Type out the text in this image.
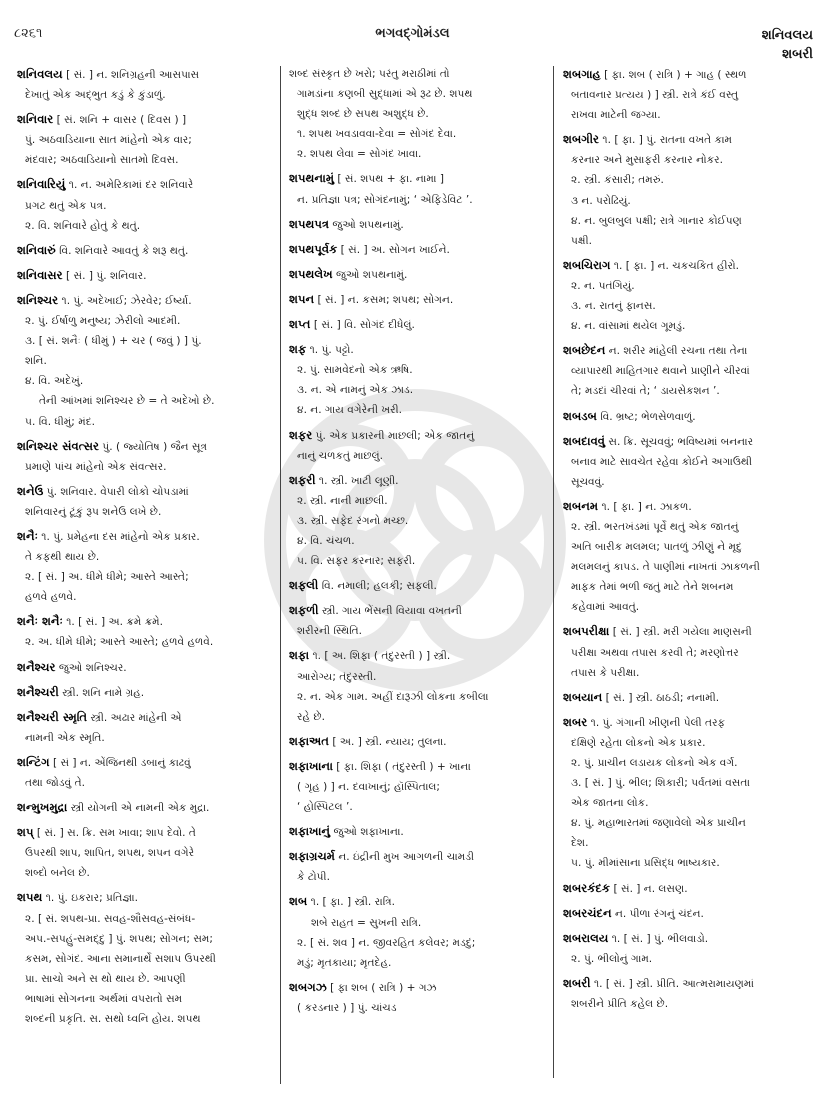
૮૨૬૧	ભગવદ્ગોમંડલ	શનિવલય
શબરી
શનિવલય [ સં. ] ન. શનિગ્રહની આસપાસ
દેખાતું એક અદ્ભુત કડું કે કુંડાળું.
શનિવાર [ સં. શનિ + વાસર ( દિવસ ) ]
પું. અઠવાડિયાના સાત માંહેનો એક વાર;
મંદવાર; અઠવાડિયાનો સાતમો દિવસ.
શનિવારિયું ૧. ન. અમેરિકામાં દર શનિવારે
પ્રગટ થતું એક પત્ર.
૨. વિ. શનિવારે હોતું કે થતું.
શનિવારું વિ. શનિવારે આવતું કે શરૂ થતું.
શનિવાસર [ સં. ] પું. શનિવાર.
શનિશ્ચર ૧. પું. અદેખાઈ; ઝેરવેર; ઈર્ષ્યા.
૨. પું. ઈર્ષાળુ મનુષ્ય; ઝેરીલો આદમી.
૩. [ સં. શનૈઃ ( ધીમું ) + ચર ( જવું ) ] પું.
શનિ.
૪. વિ. અદેખું.
તેની આંખમાં શનિશ્ચર છે = તે અદેખો છે.
૫. વિ. ધીમું; મંદ.
શનિશ્ચર સંવત્સર પું. ( જ્યોતિષ ) જૈન સૂત્ર
પ્રમાણે પાંચ માંહેનો એક સંવત્સર.
શનેઉ પું. શનિવાર. વેપારી લોકો ચોપડામાં
શનિવારનું ટૂંકું રૂપ શનેઉ લખે છે.
શનૈઃ ૧. પું. પ્રમેહના દસ માંહેનો એક પ્રકાર.
તે કફથી થાય છે.
૨. [ સં. ] અ. ધીમે ધીમે; આસ્તે આસ્તે;
હળવે હળવે.
શનૈઃ શનૈઃ ૧. [ સં. ] અ. ક્રમે ક્રમે.
૨. અ. ધીમે ધીમે; આસ્તે આસ્તે; હળવે હળવે.
શનૈશ્ચર જુઓ શનિશ્ચર.
શનૈશ્ચરી સ્ત્રી. શનિ નામે ગ્રહ.
શનૈશ્ચરી સ્મૃતિ સ્ત્રી. અઢાર માંહેની એ
નામની એક સ્મૃતિ.
શન્ટિંગ [ સં ] ન. એંજિનથી ડબાનું કાઢવું
તથા જોડવું તે.
શન્મુખમુદ્રા સ્ત્રી યોગની એ નામની એક મુદ્રા.
શપ્ [ સં. ] સ. ક્રિ. સમ ખાવા; શાપ દેવો. તે
ઉપરથી શાપ, શાપિત, શપથ, શપન વગેરે
શબ્દો બનેલ છે.
શપથ ૧. પું. ઇકરાર; પ્રતિજ્ઞા.
૨. [ સં. શપથ-પ્રા. સવહ-શૌસવહ-સંબંધ-
અપ.-સપહું-સમદ્દુ ] પું. શપથ; સોગન; સમ;
કસમ, સોગંદ. આના સમાનાર્થે સશાપ ઉપરથી
પ્રા. સાચો અને સ થો થાય છે. આપણી
ભાષામાં સોગનના અર્થમાં વપરાતો સમ
શબ્દની પ્રકૃતિ. સ. સથો ધ્વનિ હોય. શપથ
શબ્દ સંસ્કૃત છે ખરો; પરંતુ મરાઠીમાં તો
ગામડાંના કણબી સુદ્ધામાં એ રૂઢ છે. શપથ
શુદ્ધ શબ્દ છે સપથ અશુદ્ધ છે.
૧. શપથ ખવડાવવા-દેવા = સોગંદ દેવા.
૨. શપથ લેવા = સોગંદ ખાવા.
શપથનામું [ સં. શપથ + ફા. નામા ]
ન. પ્રતિજ્ઞા પત્ર; સોગંદનામું; ‘ એફિડેવિટ ’.
શપથપત્ર જુઓ શપથનામું.
શપથપૂર્વક [ સં. ] અ. સોગન ખાઈને.
શપથલેખ જુઓ શપથનામું.
શપન [ સં. ] ન. કસમ; શપથ; સોગન.
શપ્ત [ સં. ] વિ. સોગંદ દીધેલું.
શફ ૧. પું. પટ્ટો.
૨. પું. સામવેદનો એક ઋષિ.
૩. ન. એ નામનું એક ઝાડ.
૪. ન. ગાય વગેરેની ખરી.
શફર પું. એક પ્રકારની માછલી; એક જાતનું
નાનું ચળકતું માછલું.
શફરી ૧. સ્ત્રી. ખાટી લૂણી.
૨. સ્ત્રી. નાની માછલી.
૩. સ્ત્રી. સફેદ રંગનો મચ્છ.
૪. વિ. ચંચળ.
૫. વિ. સફર કરનાર; સફરી.
શફલી વિ. નમાલી; હલકી; સફલી.
શફળી સ્ત્રી. ગાય ભેંસની વિયાવા વખતની
શરીરની સ્થિતિ.
શફા ૧. [ અ. શિફા ( તંદુરસ્તી ) ] સ્ત્રી.
આરોગ્ય; તંદુરસ્તી.
૨. ન. એક ગામ. અહીં દારૂઝી લોકના કબીલા
રહે છે.
શફાઅત [ અ. ] સ્ત્રી. ન્યાય; તુલના.
શફાખાના [ ફા. શિફા ( તંદુરસ્તી ) + ખાના
( ગૃહ ) ] ન. દવાખાનું; હૉસ્પિતાલ;
‘ હોસ્પિટલ ’.
શફાખાનું જુઓ શફાખાના.
શફાગ્રચર્મ ન. ઇંદ્રીની મુખ આગળની ચામડી
કે ટોપી.
શબ ૧. [ ફા. ] સ્ત્રી. રાત્રિ.
શબે રાહત = સુખની રાત્રિ.
૨. [ સં. શવ ] ન. જીવરહિત કલેવર; મડદું;
મડું; મૃતકાયા; મૃતદેહ.
શબગઝ [ ફા શબ ( રાત્રિ ) + ગઝ
( કરડનાર ) ] પું. ચાંચડ
શબગાહ [ ફા. શબ ( રાત્રિ ) + ગાહ ( સ્થળ
બતાવનાર પ્રત્યય ) ] સ્ત્રી. રાત્રે કંઈ વસ્તુ
રાખવા માટેની જગ્યા.
શબગીર ૧. [ ફા. ] પું. રાતના વખતે કામ
કરનાર અને મુસાફરી કરનાર નોકર.
૨. સ્ત્રી. કંસારી; તમરું.
૩ ન. પરોઢિયું.
૪. ન. બુલબુલ પક્ષી; રાત્રે ગાનાર કોઈપણ
પક્ષી.
શબચિરાગ ૧. [ ફા. ] ન. ચકચકિત હીરો.
૨. ન. પતંગિયું.
૩. ન. રાતનું ફાનસ.
૪. ન. વાંસામાં થયેલ ગૂમડું.
શબછેદન ન. શરીર માંહેલી રચના તથા તેના
વ્યાપારથી માહિતગાર થવાને પ્રાણીને ચીરવાં
તે; મડદાં ચીરવાં તે; ‘ ડાયસેકશન ’.
શબડબ વિ. ભ્રષ્ટ; ભેળસેળવાળું.
શબદાવવું સ. ક્રિ. સૂચવવું; ભવિષ્યમાં બનનાર
બનાવ માટે સાવચેત રહેવા કોઈને અગાઉથી
સૂચવવું.
શબનમ ૧. [ ફા. ] ન. ઝાકળ.
૨. સ્ત્રી. ભરતખંડમાં પૂર્વે થતું એક જાતનું
અતિ બારીક મલમલ; પાતળું ઝીણું ને મૃદુ
મલમલનું કાપડ. તે પાણીમાં નાખતાં ઝાકળની
માફક તેમાં ભળી જતું માટે તેને શબનમ
કહેવામાં આવતું.
શબપરીક્ષા [ સં. ] સ્ત્રી. મરી ગયેલા માણસની
પરીક્ષા અથવા તપાસ કરવી તે; મરણોત્તર
તપાસ કે પરીક્ષા.
શબયાન [ સં. ] સ્ત્રી. ઠાઠડી; નનામી.
શબર ૧. પું. ગંગાની ખીણની પેલી તરફ
દક્ષિણે રહેતા લોકનો એક પ્રકાર.
૨. પું. પ્રાચીન લડાયક લોકનો એક વર્ગ.
૩. [ સં. ] પું. ભીલ; શિકારી; પર્વતમાં વસતા
એક જાતના લોક.
૪. પું. મહાભારતમાં જણાવેલો એક પ્રાચીન
દેશ.
૫. પું. મીમાંસાના પ્રસિદ્ધ ભાષ્યકાર.
શબરકંદક [ સં. ] ન. લસણ.
શબરચંદન ન. પીળા રંગનું ચંદન.
શબરાલય ૧. [ સં. ] પું. ભીલવાડો.
૨. પું. ભીલોનું ગામ.
શબરી ૧. [ સં. ] સ્ત્રી. પ્રીતિ. આત્મરામાયણમાં
શબરીને પ્રીતિ કહેલ છે.
